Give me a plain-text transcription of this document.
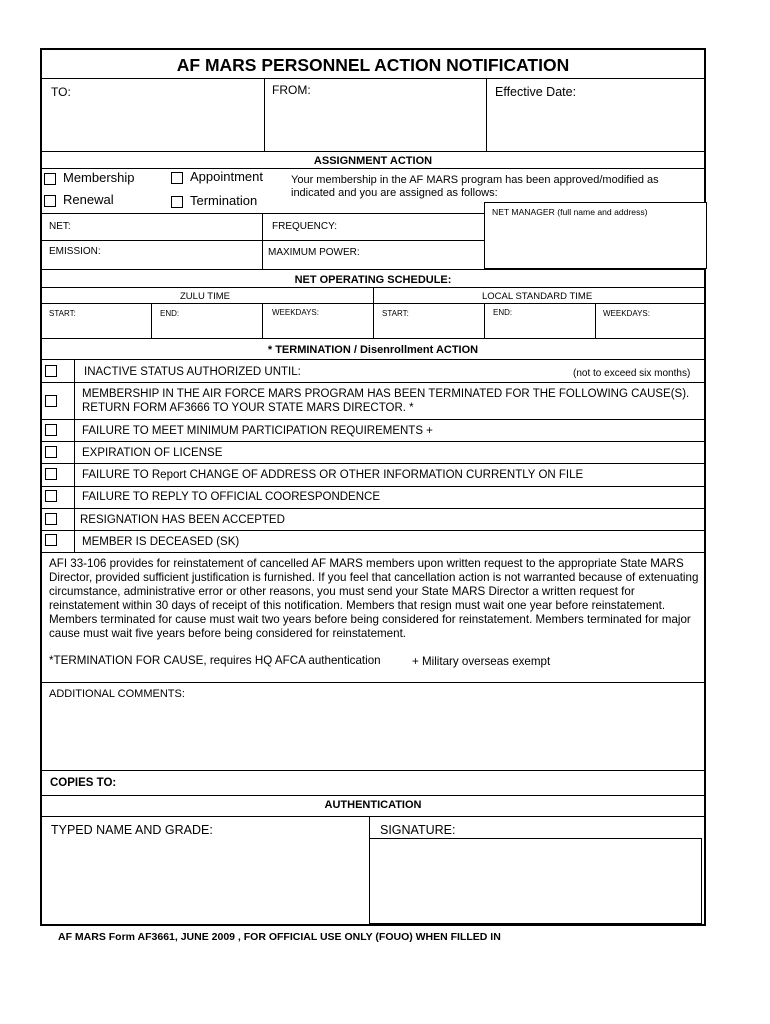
AF MARS PERSONNEL ACTION NOTIFICATION
TO:	FROM:	Effective Date:
ASSIGNMENT ACTION
Membership	Appointment
Renewal	Termination
Your membership in the AF MARS program has been approved/modified as
indicated and you are assigned as follows:
NET MANAGER (full name and address)
NET:	FREQUENCY:
EMISSION:	MAXIMUM POWER:
NET OPERATING SCHEDULE:
ZULU TIME	LOCAL STANDARD TIME
START:	END:	WEEKDAYS:	START:	END:	WEEKDAYS:
* TERMINATION / Disenrollment ACTION
INACTIVE STATUS AUTHORIZED UNTIL:	(not to exceed six months)
MEMBERSHIP IN THE AIR FORCE MARS PROGRAM HAS BEEN TERMINATED FOR THE FOLLOWING CAUSE(S).
RETURN FORM AF3666 TO YOUR STATE MARS DIRECTOR. *
FAILURE TO MEET MINIMUM PARTICIPATION REQUIREMENTS +
EXPIRATION OF LICENSE
FAILURE TO Report CHANGE OF ADDRESS OR OTHER INFORMATION CURRENTLY ON FILE
FAILURE TO REPLY TO OFFICIAL COORESPONDENCE
RESIGNATION HAS BEEN ACCEPTED
MEMBER IS DECEASED (SK)
AFI 33-106 provides for reinstatement of cancelled AF MARS members upon written request to the appropriate State MARS Director, provided sufficient justification is furnished. If you feel that cancellation action is not warranted because of extenuating circumstance, administrative error or other reasons, you must send your State MARS Director a written request for reinstatement within 30 days of receipt of this notification. Members that resign must wait one year before reinstatement. Members terminated for cause must wait two years before being considered for reinstatement. Members terminated for major cause must wait five years before being considered for reinstatement.
*TERMINATION FOR CAUSE, requires HQ AFCA authentication	+ Military overseas exempt
ADDITIONAL COMMENTS:
COPIES TO:
AUTHENTICATION
TYPED NAME AND GRADE:	SIGNATURE:
AF MARS Form AF3661, JUNE 2009 , FOR OFFICIAL USE ONLY (FOUO) WHEN FILLED IN
